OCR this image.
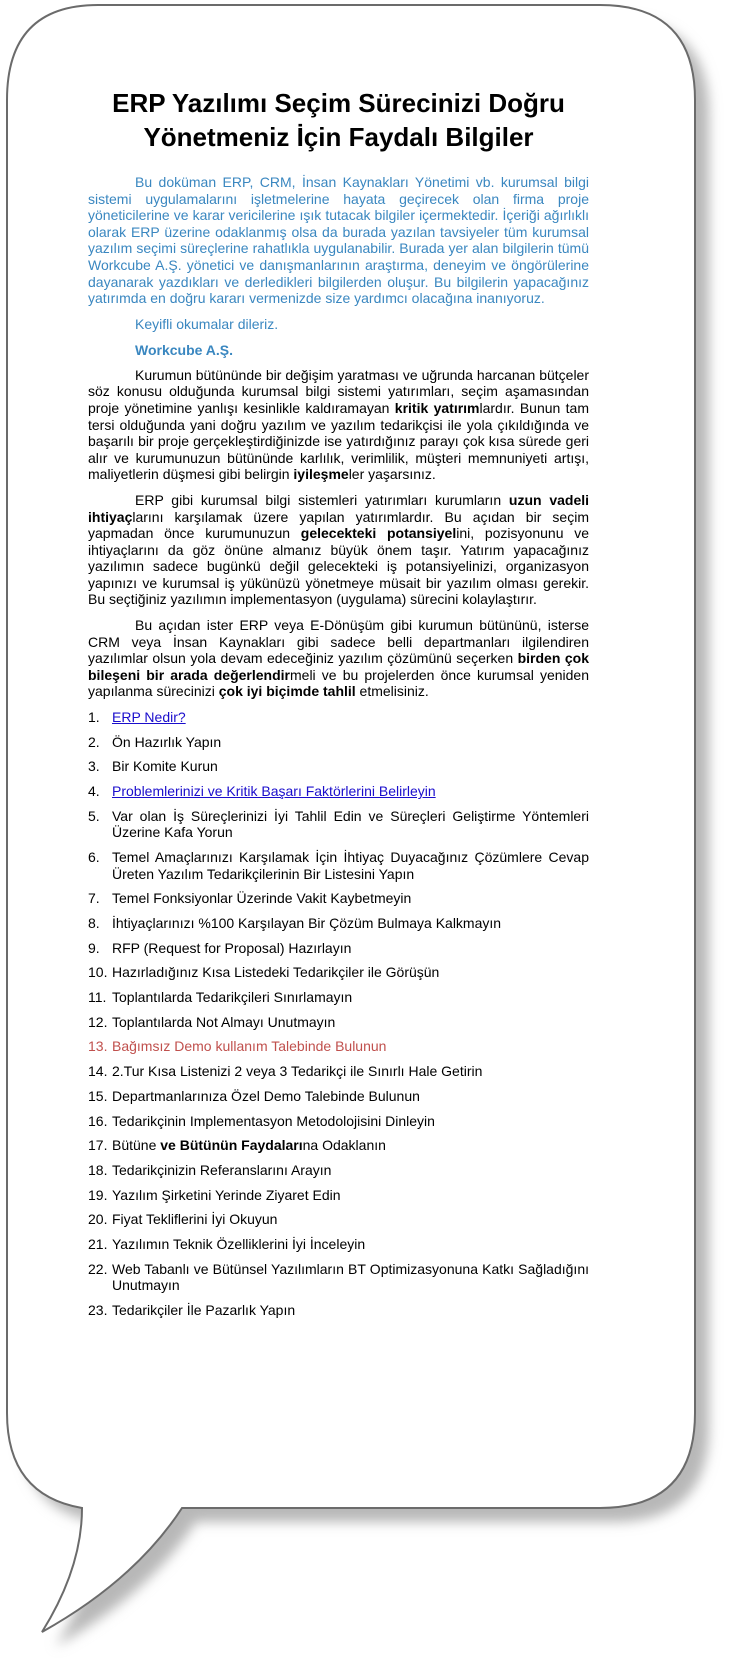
ERP Yazılımı Seçim Sürecinizi Doğru
Yönetmeniz İçin Faydalı Bilgiler

Bu doküman ERP, CRM, İnsan Kaynakları Yönetimi vb. kurumsal bilgi sistemi uygulamalarını işletmelerine hayata geçirecek olan firma proje yöneticilerine ve karar vericilerine ışık tutacak bilgiler içermektedir. İçeriği ağırlıklı olarak ERP üzerine odaklanmış olsa da burada yazılan tavsiyeler tüm kurumsal yazılım seçimi süreçlerine rahatlıkla uygulanabilir. Burada yer alan bilgilerin tümü Workcube A.Ş. yönetici ve danışmanlarının araştırma, deneyim ve öngörülerine dayanarak yazdıkları ve derledikleri bilgilerden oluşur. Bu bilgilerin yapacağınız yatırımda en doğru kararı vermenizde size yardımcı olacağına inanıyoruz.

Keyifli okumalar dileriz.

Workcube A.Ş.

Kurumun bütününde bir değişim yaratması ve uğrunda harcanan bütçeler söz konusu olduğunda kurumsal bilgi sistemi yatırımları, seçim aşamasından proje yönetimine yanlışı kesinlikle kaldıramayan kritik yatırımlardır. Bunun tam tersi olduğunda yani doğru yazılım ve yazılım tedarikçisi ile yola çıkıldığında ve başarılı bir proje gerçekleştirdiğinizde ise yatırdığınız parayı çok kısa sürede geri alır ve kurumunuzun bütününde karlılık, verimlilik, müşteri memnuniyeti artışı, maliyetlerin düşmesi gibi belirgin iyileşmeler yaşarsınız.

ERP gibi kurumsal bilgi sistemleri yatırımları kurumların uzun vadeli ihtiyaçlarını karşılamak üzere yapılan yatırımlardır. Bu açıdan bir seçim yapmadan önce kurumunuzun gelecekteki potansiyelini, pozisyonunu ve ihtiyaçlarını da göz önüne almanız büyük önem taşır. Yatırım yapacağınız yazılımın sadece bugünkü değil gelecekteki iş potansiyelinizi, organizasyon yapınızı ve kurumsal iş yükünüzü yönetmeye müsait bir yazılım olması gerekir. Bu seçtiğiniz yazılımın implementasyon (uygulama) sürecini kolaylaştırır.

Bu açıdan ister ERP veya E-Dönüşüm gibi kurumun bütününü, isterse CRM veya İnsan Kaynakları gibi sadece belli departmanları ilgilendiren yazılımlar olsun yola devam edeceğiniz yazılım çözümünü seçerken birden çok bileşeni bir arada değerlendirmeli ve bu projelerden önce kurumsal yeniden yapılanma sürecinizi çok iyi biçimde tahlil etmelisiniz.

1. ERP Nedir?
2. Ön Hazırlık Yapın
3. Bir Komite Kurun
4. Problemlerinizi ve Kritik Başarı Faktörlerini Belirleyin
5. Var olan İş Süreçlerinizi İyi Tahlil Edin ve Süreçleri Geliştirme Yöntemleri Üzerine Kafa Yorun
6. Temel Amaçlarınızı Karşılamak İçin İhtiyaç Duyacağınız Çözümlere Cevap Üreten Yazılım Tedarikçilerinin Bir Listesini Yapın
7. Temel Fonksiyonlar Üzerinde Vakit Kaybetmeyin
8. İhtiyaçlarınızı %100 Karşılayan Bir Çözüm Bulmaya Kalkmayın
9. RFP (Request for Proposal) Hazırlayın
10. Hazırladığınız Kısa Listedeki Tedarikçiler ile Görüşün
11. Toplantılarda Tedarikçileri Sınırlamayın
12. Toplantılarda Not Almayı Unutmayın
13. Bağımsız Demo kullanım Talebinde Bulunun
14. 2.Tur Kısa Listenizi 2 veya 3 Tedarikçi ile Sınırlı Hale Getirin
15. Departmanlarınıza Özel Demo Talebinde Bulunun
16. Tedarikçinin Implementasyon Metodolojisini Dinleyin
17. Bütüne ve Bütünün Faydalarına Odaklanın
18. Tedarikçinizin Referanslarını Arayın
19. Yazılım Şirketini Yerinde Ziyaret Edin
20. Fiyat Tekliflerini İyi Okuyun
21. Yazılımın Teknik Özelliklerini İyi İnceleyin
22. Web Tabanlı ve Bütünsel Yazılımların BT Optimizasyonuna Katkı Sağladığını Unutmayın
23. Tedarikçiler İle Pazarlık Yapın
